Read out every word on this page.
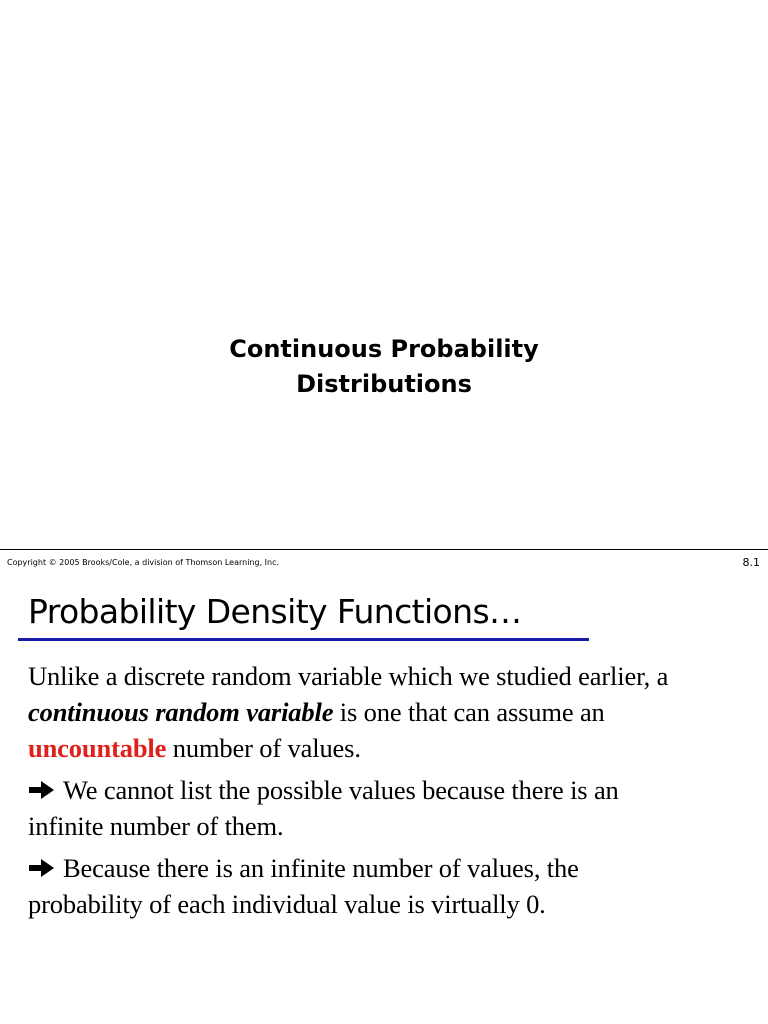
Continuous Probability
Distributions
Copyright © 2005 Brooks/Cole, a division of Thomson Learning, Inc.	8.1
Probability Density Functions…
Unlike a discrete random variable which we studied earlier, a
continuous random variable is one that can assume an
uncountable number of values.
We cannot list the possible values because there is an
infinite number of them.
Because there is an infinite number of values, the
probability of each individual value is virtually 0.
